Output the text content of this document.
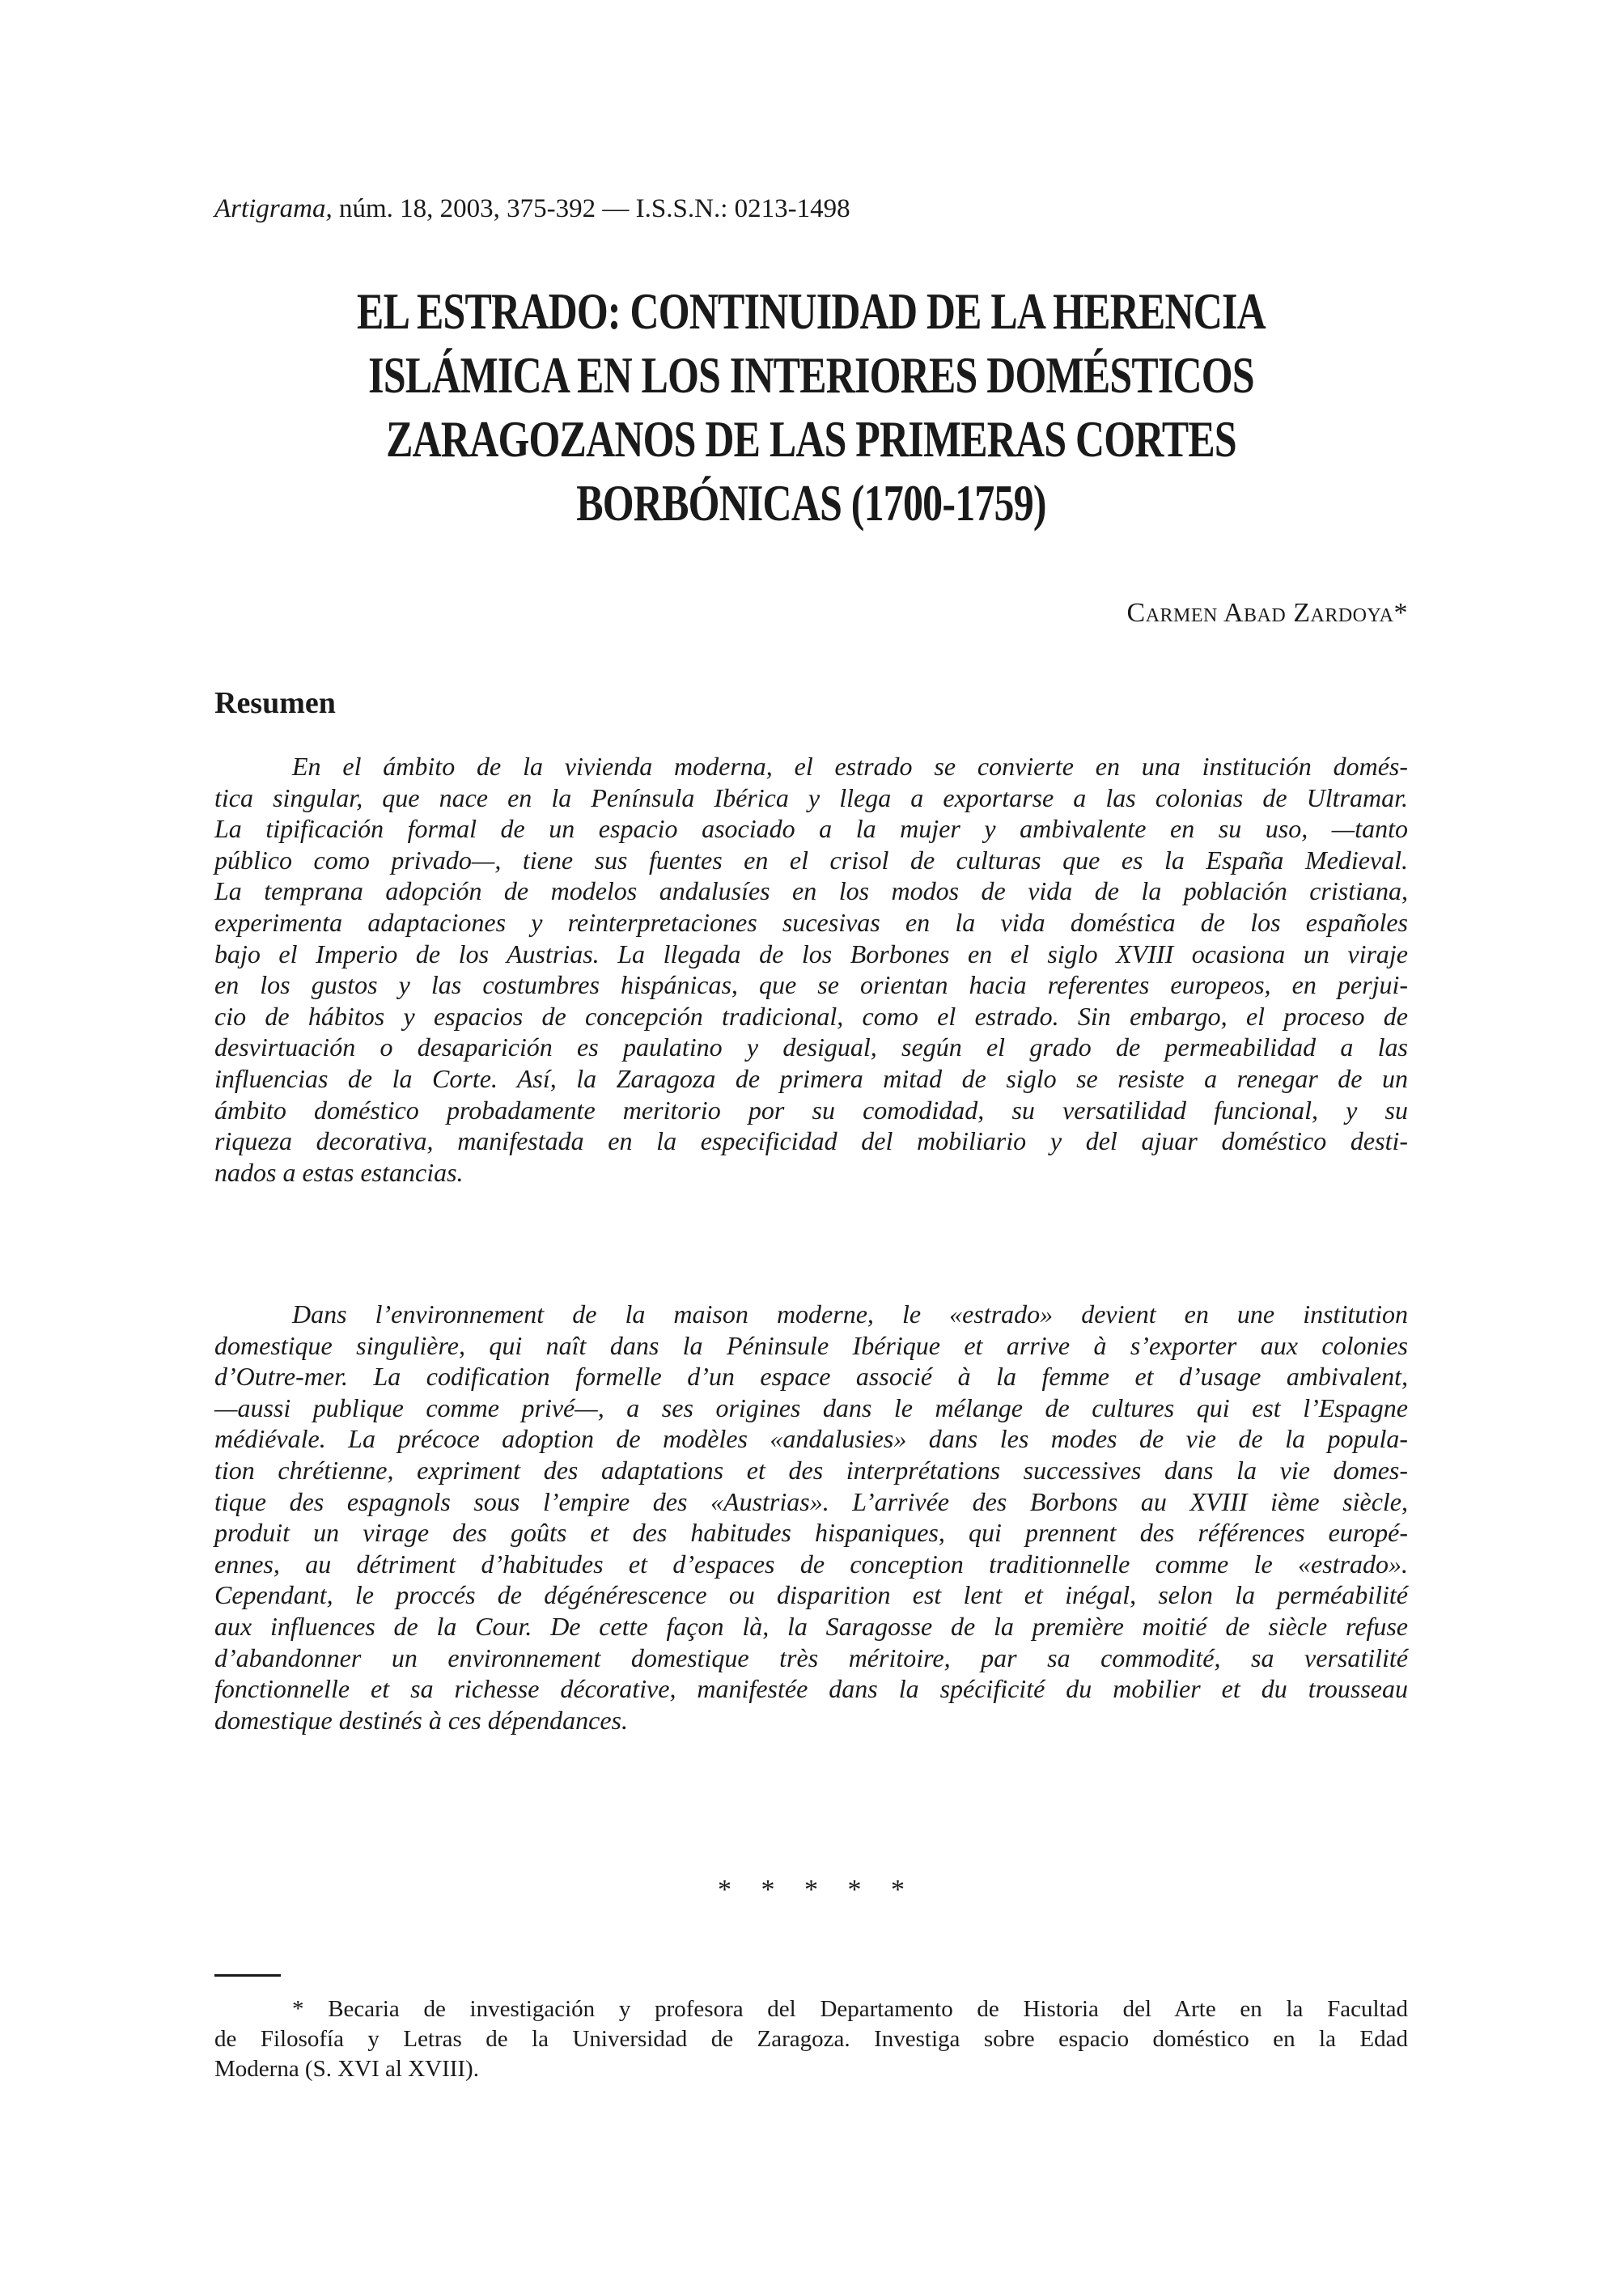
Artigrama, núm. 18, 2003, 375-392 — I.S.S.N.: 0213-1498
EL ESTRADO: CONTINUIDAD DE LA HERENCIA
ISLÁMICA EN LOS INTERIORES DOMÉSTICOS
ZARAGOZANOS DE LAS PRIMERAS CORTES
BORBÓNICAS (1700-1759)
Carmen Abad Zardoya*
Resumen

En el ámbito de la vivienda moderna, el estrado se convierte en una institución domés-
tica singular, que nace en la Península Ibérica y llega a exportarse a las colonias de Ultramar.
La tipificación formal de un espacio asociado a la mujer y ambivalente en su uso, —tanto
público como privado—, tiene sus fuentes en el crisol de culturas que es la España Medieval.
La temprana adopción de modelos andalusíes en los modos de vida de la población cristiana,
experimenta adaptaciones y reinterpretaciones sucesivas en la vida doméstica de los españoles
bajo el Imperio de los Austrias. La llegada de los Borbones en el siglo XVIII ocasiona un viraje
en los gustos y las costumbres hispánicas, que se orientan hacia referentes europeos, en perjui-
cio de hábitos y espacios de concepción tradicional, como el estrado. Sin embargo, el proceso de
desvirtuación o desaparición es paulatino y desigual, según el grado de permeabilidad a las
influencias de la Corte. Así, la Zaragoza de primera mitad de siglo se resiste a renegar de un
ámbito doméstico probadamente meritorio por su comodidad, su versatilidad funcional, y su
riqueza decorativa, manifestada en la especificidad del mobiliario y del ajuar doméstico desti-
nados a estas estancias.

Dans l’environnement de la maison moderne, le «estrado» devient en une institution
domestique singulière, qui naît dans la Péninsule Ibérique et arrive à s’exporter aux colonies
d’Outre-mer. La codification formelle d’un espace associé à la femme et d’usage ambivalent,
—aussi publique comme privé—, a ses origines dans le mélange de cultures qui est l’Espagne
médiévale. La précoce adoption de modèles «andalusies» dans les modes de vie de la popula-
tion chrétienne, expriment des adaptations et des interprétations successives dans la vie domes-
tique des espagnols sous l’empire des «Austrias». L’arrivée des Borbons au XVIII ième siècle,
produit un virage des goûts et des habitudes hispaniques, qui prennent des références europé-
ennes, au détriment d’habitudes et d’espaces de conception traditionnelle comme le «estrado».
Cependant, le proccés de dégénérescence ou disparition est lent et inégal, selon la perméabilité
aux influences de la Cour. De cette façon là, la Saragosse de la première moitié de siècle refuse
d’abandonner un environnement domestique très méritoire, par sa commodité, sa versatilité
fonctionnelle et sa richesse décorative, manifestée dans la spécificité du mobilier et du trousseau
domestique destinés à ces dépendances.

* * * * *

* Becaria de investigación y profesora del Departamento de Historia del Arte en la Facultad
de Filosofía y Letras de la Universidad de Zaragoza. Investiga sobre espacio doméstico en la Edad
Moderna (S. XVI al XVIII).
